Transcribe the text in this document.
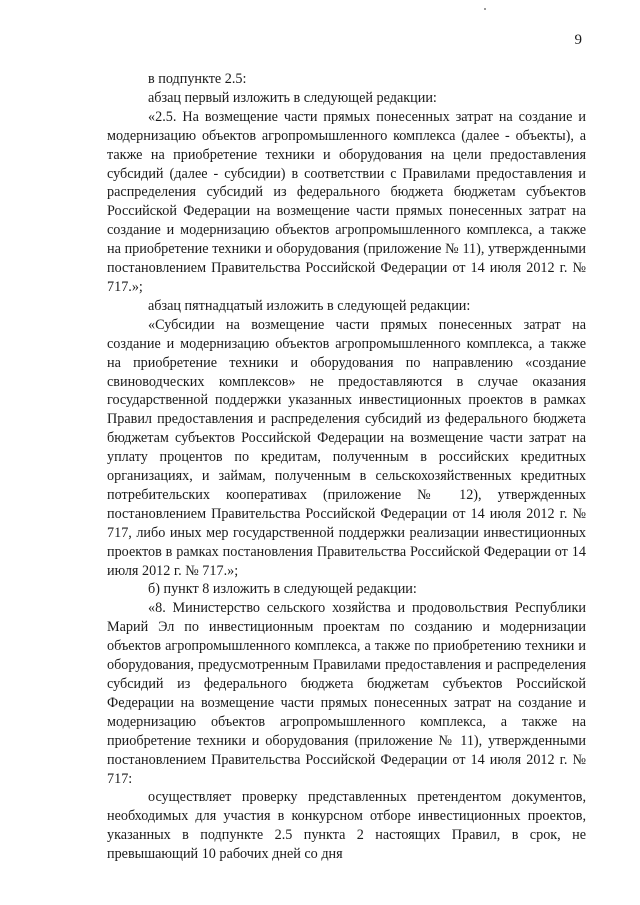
9

в подпункте 2.5:

абзац первый изложить в следующей редакции:

«2.5. На возмещение части прямых понесенных затрат на создание и модернизацию объектов агропромышленного комплекса (далее - объекты), а также на приобретение техники и оборудования на цели предоставления субсидий (далее - субсидии) в соответствии с Правилами предоставления и распределения субсидий из федерального бюджета бюджетам субъектов Российской Федерации на возмещение части прямых понесенных затрат на создание и модернизацию объектов агропромышленного комплекса, а также на приобретение техники и оборудования (приложение № 11), утвержденными постановлением Правительства Российской Федерации от 14 июля 2012 г. № 717.»;

абзац пятнадцатый изложить в следующей редакции:

«Субсидии на возмещение части прямых понесенных затрат на создание и модернизацию объектов агропромышленного комплекса, а также на приобретение техники и оборудования по направлению «создание свиноводческих комплексов» не предоставляются в случае оказания государственной поддержки указанных инвестиционных проектов в рамках Правил предоставления и распределения субсидий из федерального бюджета бюджетам субъектов Российской Федерации на возмещение части затрат на уплату процентов по кредитам, полученным в российских кредитных организациях, и займам, полученным в сельскохозяйственных кредитных потребительских кооперативах (приложение № 12), утвержденных постановлением Правительства Российской Федерации от 14 июля 2012 г. № 717, либо иных мер государственной поддержки реализации инвестиционных проектов в рамках постановления Правительства Российской Федерации от 14 июля 2012 г. № 717.»;

б) пункт 8 изложить в следующей редакции:

«8. Министерство сельского хозяйства и продовольствия Республики Марий Эл по инвестиционным проектам по созданию и модернизации объектов агропромышленного комплекса, а также по приобретению техники и оборудования, предусмотренным Правилами предоставления и распределения субсидий из федерального бюджета бюджетам субъектов Российской Федерации на возмещение части прямых понесенных затрат на создание и модернизацию объектов агропромышленного комплекса, а также на приобретение техники и оборудования (приложение № 11), утвержденными постановлением Правительства Российской Федерации от 14 июля 2012 г. № 717:

осуществляет проверку представленных претендентом документов, необходимых для участия в конкурсном отборе инвестиционных проектов, указанных в подпункте 2.5 пункта 2 настоящих Правил, в срок, не превышающий 10 рабочих дней со дня
